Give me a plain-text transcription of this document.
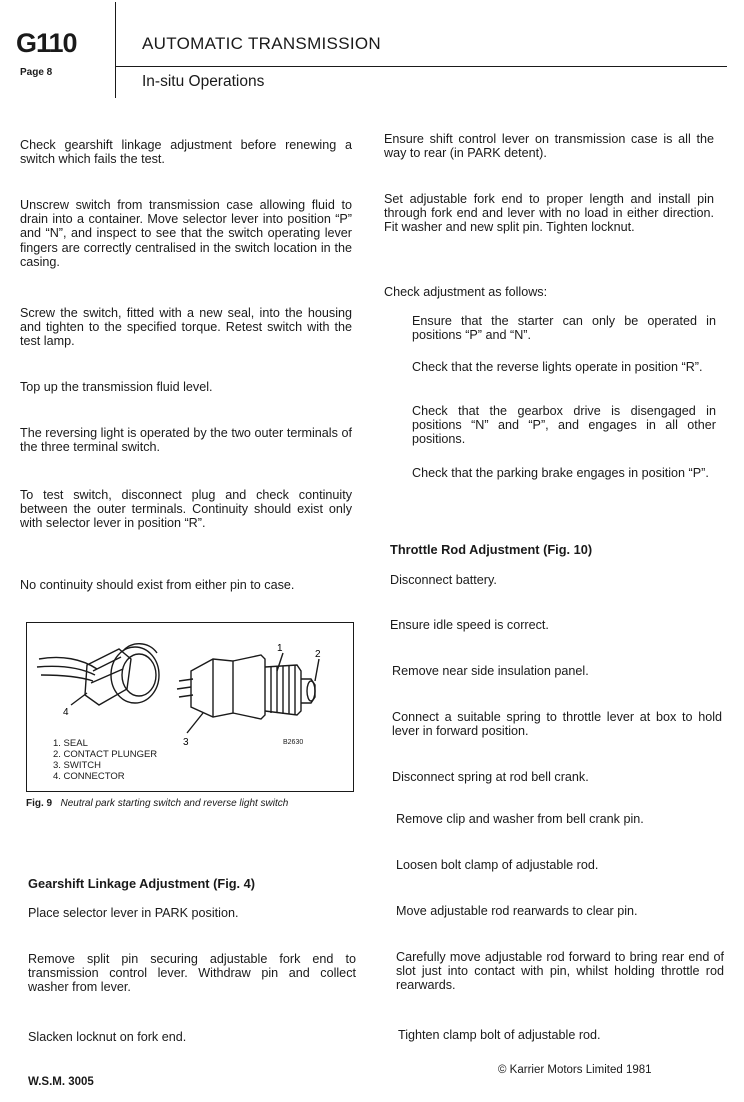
G110
Page 8
AUTOMATIC TRANSMISSION
In-situ Operations

Check gearshift linkage adjustment before renewing a switch which fails the test.

Unscrew switch from transmission case allowing fluid to drain into a container. Move selector lever into position “P” and “N”, and inspect to see that the switch operating lever fingers are correctly centralised in the switch location in the casing.

Screw the switch, fitted with a new seal, into the housing and tighten to the specified torque. Retest switch with the test lamp.

Top up the transmission fluid level.

The reversing light is operated by the two outer terminals of the three terminal switch.

To test switch, disconnect plug and check continuity between the outer terminals. Continuity should exist only with selector lever in position “R”.

No continuity should exist from either pin to case.

1
2
3
4
1. SEAL
2. CONTACT PLUNGER
3. SWITCH
4. CONNECTOR
B2630
Fig. 9 Neutral park starting switch and reverse light switch
Gearshift Linkage Adjustment (Fig. 4)

Place selector lever in PARK position.

Remove split pin securing adjustable fork end to transmission control lever. Withdraw pin and collect washer from lever.

Slacken locknut on fork end.

Ensure shift control lever on transmission case is all the way to rear (in PARK detent).

Set adjustable fork end to proper length and install pin through fork end and lever with no load in either direction. Fit washer and new split pin. Tighten locknut.

Check adjustment as follows:

Ensure that the starter can only be operated in positions “P” and “N”.

Check that the reverse lights operate in position “R”.

Check that the gearbox drive is disengaged in positions “N” and “P”, and engages in all other positions.

Check that the parking brake engages in position “P”.

Throttle Rod Adjustment (Fig. 10)

Disconnect battery.

Ensure idle speed is correct.

Remove near side insulation panel.

Connect a suitable spring to throttle lever at box to hold lever in forward position.

Disconnect spring at rod bell crank.

Remove clip and washer from bell crank pin.

Loosen bolt clamp of adjustable rod.

Move adjustable rod rearwards to clear pin.

Carefully move adjustable rod forward to bring rear end of slot just into contact with pin, whilst holding throttle rod rearwards.

Tighten clamp bolt of adjustable rod.

W.S.M. 3005
© Karrier Motors Limited 1981
